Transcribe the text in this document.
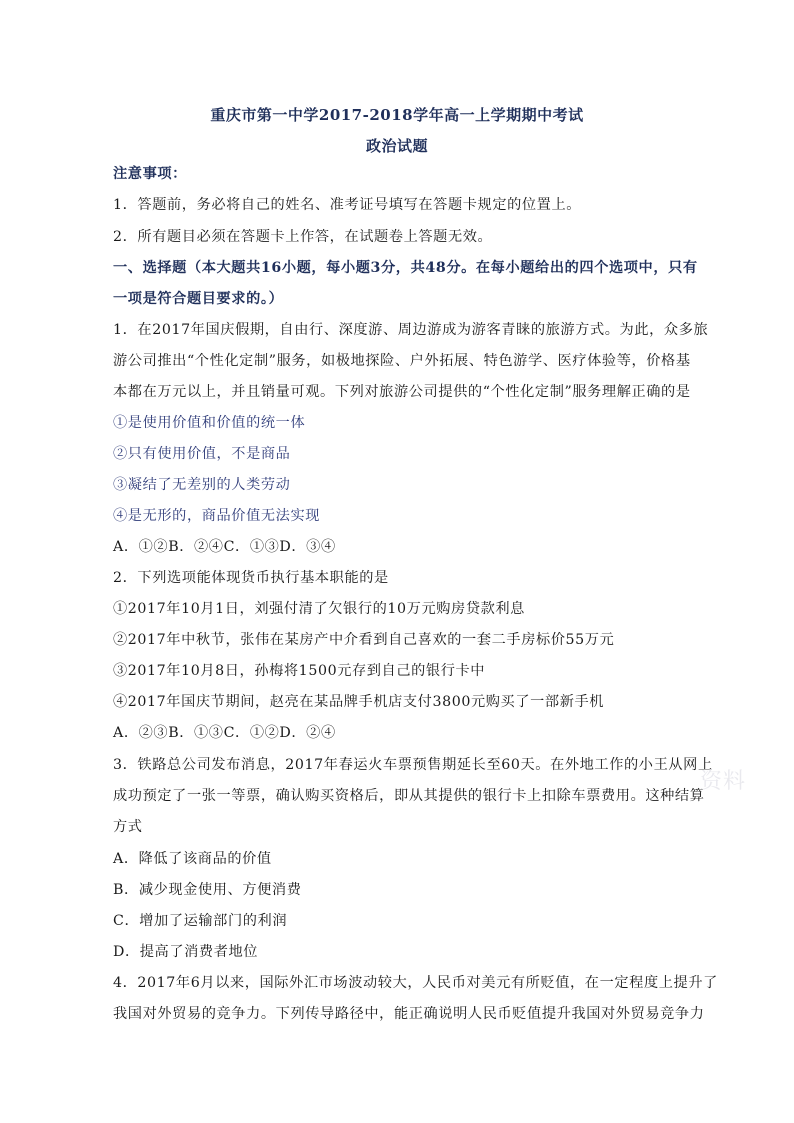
重庆市第一中学2017-2018学年高一上学期期中考试
政治试题
注意事项：
1．答题前，务必将自己的姓名、准考证号填写在答题卡规定的位置上。
2．所有题目必须在答题卡上作答，在试题卷上答题无效。
一、选择题（本大题共16小题，每小题3分，共48分。在每小题给出的四个选项中，只有
一项是符合题目要求的。）
1．在2017年国庆假期，自由行、深度游、周边游成为游客青睐的旅游方式。为此，众多旅
游公司推出“个性化定制”服务，如极地探险、户外拓展、特色游学、医疗体验等，价格基
本都在万元以上，并且销量可观。下列对旅游公司提供的“个性化定制”服务理解正确的是
①是使用价值和价值的统一体
②只有使用价值，不是商品
③凝结了无差别的人类劳动
④是无形的，商品价值无法实现
A．①②B．②④C．①③D．③④
2．下列选项能体现货币执行基本职能的是
①2017年10月1日，刘强付清了欠银行的10万元购房贷款利息
②2017年中秋节，张伟在某房产中介看到自己喜欢的一套二手房标价55万元
③2017年10月8日，孙梅将1500元存到自己的银行卡中
④2017年国庆节期间，赵亮在某品牌手机店支付3800元购买了一部新手机
A．②③B．①③C．①②D．②④
3．铁路总公司发布消息，2017年春运火车票预售期延长至60天。在外地工作的小王从网上
成功预定了一张一等票，确认购买资格后，即从其提供的银行卡上扣除车票费用。这种结算
方式
A．降低了该商品的价值
B．减少现金使用、方便消费
C．增加了运输部门的利润
D．提高了消费者地位
4．2017年6月以来，国际外汇市场波动较大，人民币对美元有所贬值，在一定程度上提升了
我国对外贸易的竞争力。下列传导路径中，能正确说明人民币贬值提升我国对外贸易竞争力
资料
